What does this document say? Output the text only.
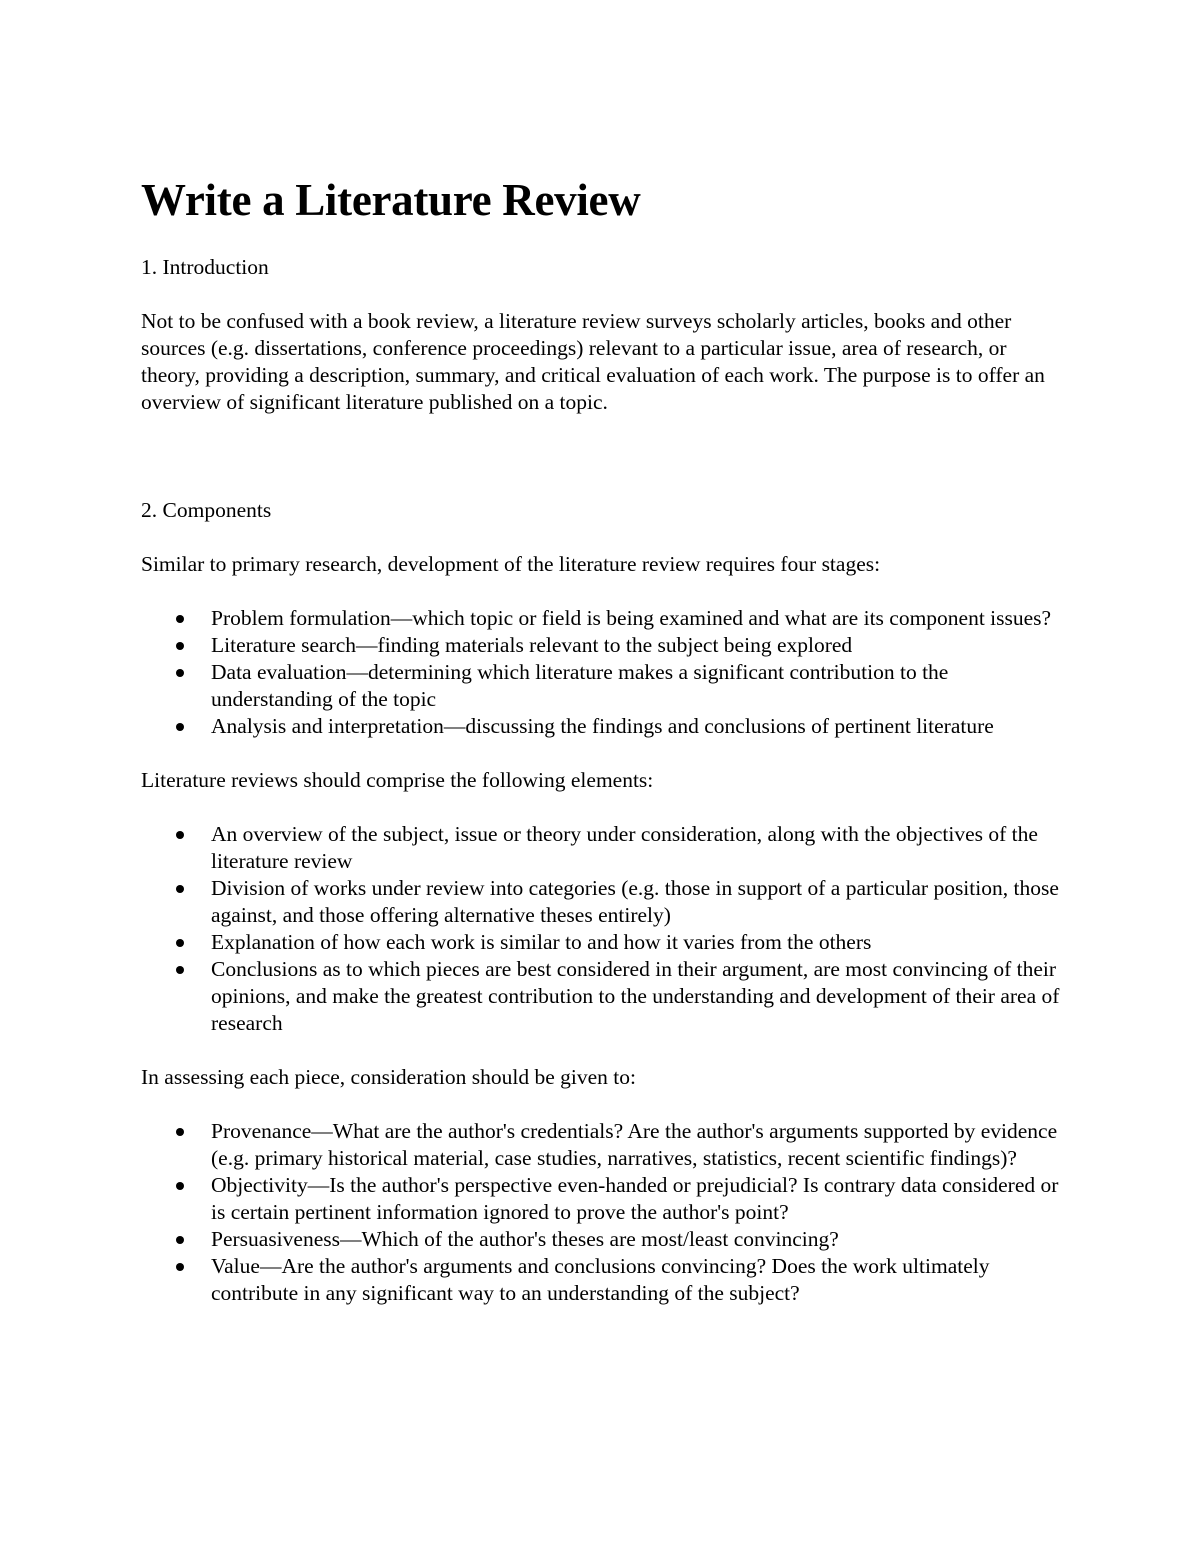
Write a Literature Review
1. Introduction
Not to be confused with a book review, a literature review surveys scholarly articles, books and other sources (e.g. dissertations, conference proceedings) relevant to a particular issue, area of research, or theory, providing a description, summary, and critical evaluation of each work. The purpose is to offer an overview of significant literature published on a topic.
2. Components
Similar to primary research, development of the literature review requires four stages:
Problem formulation—which topic or field is being examined and what are its component issues?
Literature search—finding materials relevant to the subject being explored
Data evaluation—determining which literature makes a significant contribution to the understanding of the topic
Analysis and interpretation—discussing the findings and conclusions of pertinent literature
Literature reviews should comprise the following elements:
An overview of the subject, issue or theory under consideration, along with the objectives of the literature review
Division of works under review into categories (e.g. those in support of a particular position, those against, and those offering alternative theses entirely)
Explanation of how each work is similar to and how it varies from the others
Conclusions as to which pieces are best considered in their argument, are most convincing of their opinions, and make the greatest contribution to the understanding and development of their area of research
In assessing each piece, consideration should be given to:
Provenance—What are the author's credentials? Are the author's arguments supported by evidence (e.g. primary historical material, case studies, narratives, statistics, recent scientific findings)?
Objectivity—Is the author's perspective even-handed or prejudicial? Is contrary data considered or is certain pertinent information ignored to prove the author's point?
Persuasiveness—Which of the author's theses are most/least convincing?
Value—Are the author's arguments and conclusions convincing? Does the work ultimately contribute in any significant way to an understanding of the subject?
